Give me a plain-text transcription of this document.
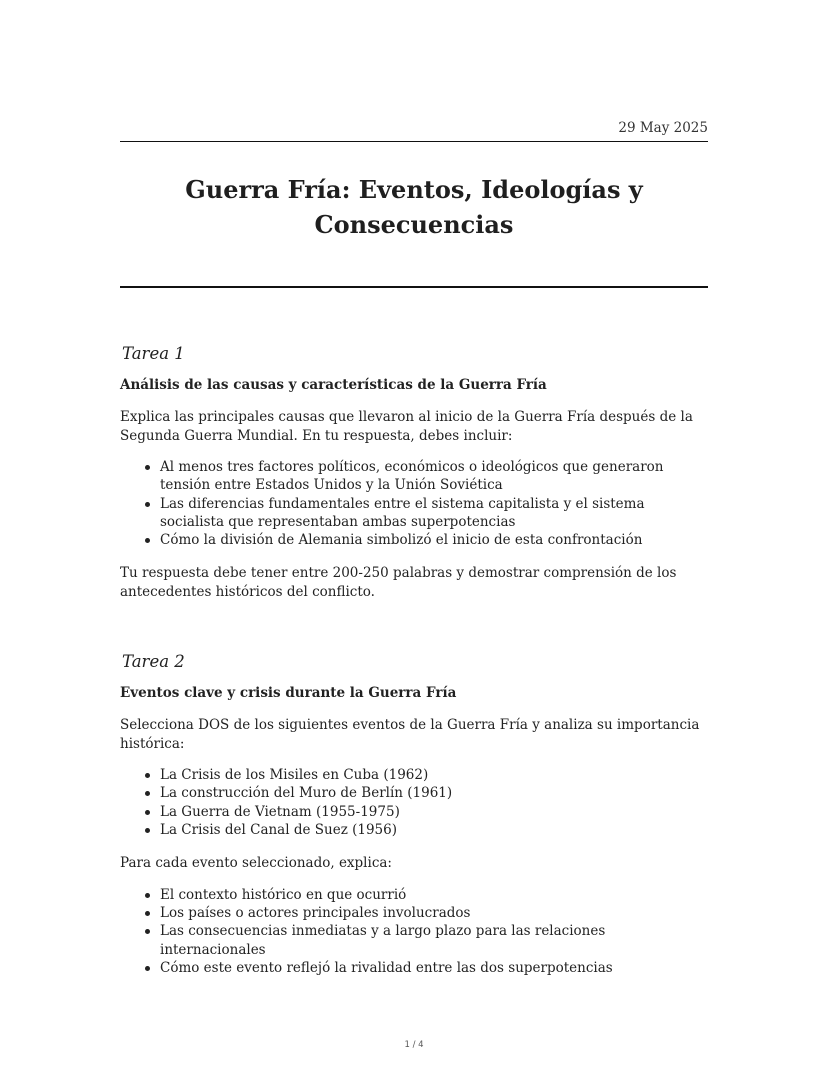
29 May 2025
Guerra Fría: Eventos, Ideologías y Consecuencias
Tarea 1
Análisis de las causas y características de la Guerra Fría

Explica las principales causas que llevaron al inicio de la Guerra Fría después de la Segunda Guerra Mundial. En tu respuesta, debes incluir:

Al menos tres factores políticos, económicos o ideológicos que generaron tensión entre Estados Unidos y la Unión Soviética
Las diferencias fundamentales entre el sistema capitalista y el sistema socialista que representaban ambas superpotencias
Cómo la división de Alemania simbolizó el inicio de esta confrontación

Tu respuesta debe tener entre 200-250 palabras y demostrar comprensión de los antecedentes históricos del conflicto.

Tarea 2
Eventos clave y crisis durante la Guerra Fría

Selecciona DOS de los siguientes eventos de la Guerra Fría y analiza su importancia histórica:

La Crisis de los Misiles en Cuba (1962)
La construcción del Muro de Berlín (1961)
La Guerra de Vietnam (1955-1975)
La Crisis del Canal de Suez (1956)

Para cada evento seleccionado, explica:

El contexto histórico en que ocurrió
Los países o actores principales involucrados
Las consecuencias inmediatas y a largo plazo para las relaciones internacionales
Cómo este evento reflejó la rivalidad entre las dos superpotencias
1 / 4
